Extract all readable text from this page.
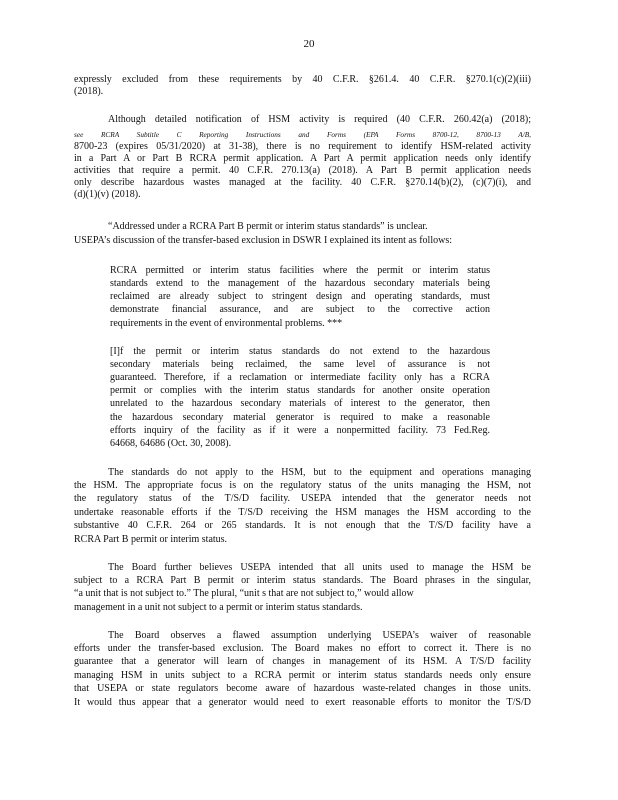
20
expressly excluded from these requirements by 40 C.F.R. §261.4. 40 C.F.R. §270.1(c)(2)(iii)
(2018).
Although detailed notification of HSM activity is required (40 C.F.R. 260.42(a) (2018);
see RCRA Subtitle C Reporting Instructions and Forms (EPA Forms 8700-12, 8700-13 A/B,
8700-23 (expires 05/31/2020) at 31-38), there is no requirement to identify HSM-related activity
in a Part A or Part B RCRA permit application. A Part A permit application needs only identify
activities that require a permit. 40 C.F.R. 270.13(a) (2018). A Part B permit application needs
only describe hazardous wastes managed at the facility. 40 C.F.R. §270.14(b)(2), (c)(7)(i), and
(d)(1)(v) (2018).
“Addressed under a RCRA Part B permit or interim status standards” is unclear.
USEPA’s discussion of the transfer-based exclusion in DSWR I explained its intent as follows:
RCRA permitted or interim status facilities where the permit or interim status
standards extend to the management of the hazardous secondary materials being
reclaimed are already subject to stringent design and operating standards, must
demonstrate financial assurance, and are subject to the corrective action
requirements in the event of environmental problems. ***
[I]f the permit or interim status standards do not extend to the hazardous
secondary materials being reclaimed, the same level of assurance is not
guaranteed. Therefore, if a reclamation or intermediate facility only has a RCRA
permit or complies with the interim status standards for another onsite operation
unrelated to the hazardous secondary materials of interest to the generator, then
the hazardous secondary material generator is required to make a reasonable
efforts inquiry of the facility as if it were a nonpermitted facility. 73 Fed.Reg.
64668, 64686 (Oct. 30, 2008).
The standards do not apply to the HSM, but to the equipment and operations managing
the HSM. The appropriate focus is on the regulatory status of the units managing the HSM, not
the regulatory status of the T/S/D facility. USEPA intended that the generator needs not
undertake reasonable efforts if the T/S/D receiving the HSM manages the HSM according to the
substantive 40 C.F.R. 264 or 265 standards. It is not enough that the T/S/D facility have a
RCRA Part B permit or interim status.
The Board further believes USEPA intended that all units used to manage the HSM be
subject to a RCRA Part B permit or interim status standards. The Board phrases in the singular,
“a unit that is not subject to.” The plural, “unit s that are not subject to,” would allow
management in a unit not subject to a permit or interim status standards.
The Board observes a flawed assumption underlying USEPA’s waiver of reasonable
efforts under the transfer-based exclusion. The Board makes no effort to correct it. There is no
guarantee that a generator will learn of changes in management of its HSM. A T/S/D facility
managing HSM in units subject to a RCRA permit or interim status standards needs only ensure
that USEPA or state regulators become aware of hazardous waste-related changes in those units.
It would thus appear that a generator would need to exert reasonable efforts to monitor the T/S/D
